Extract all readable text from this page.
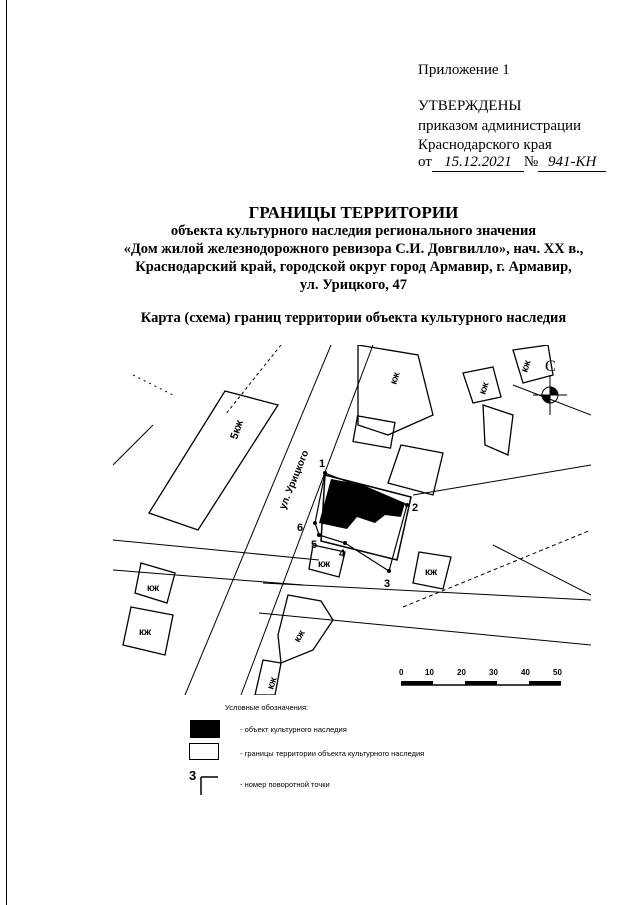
Приложение 1
УТВЕРЖДЕНЫ
приказом администрации
Краснодарского края
от 15.12.2021 № 941-КН
ГРАНИЦЫ ТЕРРИТОРИИ
объекта культурного наследия регионального значения
«Дом жилой железнодорожного ревизора С.И. Довгвилло», нач. XX в.,
Краснодарский край, городской округ город Армавир, г. Армавир,
ул. Урицкого, 47
Карта (схема) границ территории объекта культурного наследия
1
2
3
4
5
6
5кж
кж
кж
кж
кж
кж
кж
кж	кж
кж
ул. Урицкого
С
0	10	20	30	40	50
Условные обозначения:
- объект культурного наследия
- границы территории объекта культурного наследия
3
- номер поворотной точки
